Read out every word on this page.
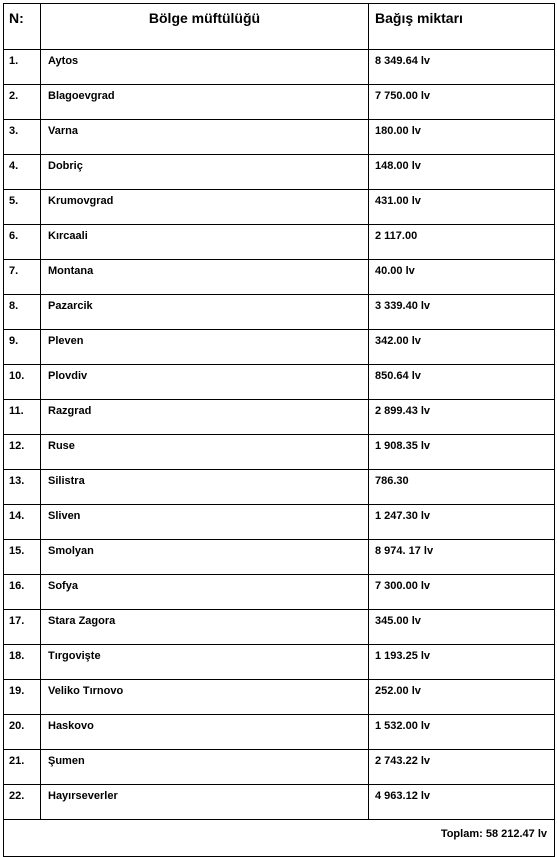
N:	Bölge müftülüğü	Bağış miktarı
1.	Aytos	8 349.64 lv
2.	Blagoevgrad	7 750.00 lv
3.	Varna	180.00 lv
4.	Dobriç	148.00 lv
5.	Krumovgrad	431.00 lv
6.	Kırcaali	2 117.00
7.	Montana	40.00 lv
8.	Pazarcik	3 339.40 lv
9.	Pleven	342.00 lv
10.	Plovdiv	850.64 lv
11.	Razgrad	2 899.43 lv
12.	Ruse	1 908.35 lv
13.	Silistra	786.30
14.	Sliven	1 247.30 lv
15.	Smolyan	8 974. 17 lv
16.	Sofya	7 300.00 lv
17.	Stara Zagora	345.00 lv
18.	Tırgovişte	1 193.25 lv
19.	Veliko Tırnovo	252.00 lv
20.	Haskovo	1 532.00 lv
21.	Şumen	2 743.22 lv
22.	Hayırseverler	4 963.12 lv
Toplam: 58 212.47 lv		
